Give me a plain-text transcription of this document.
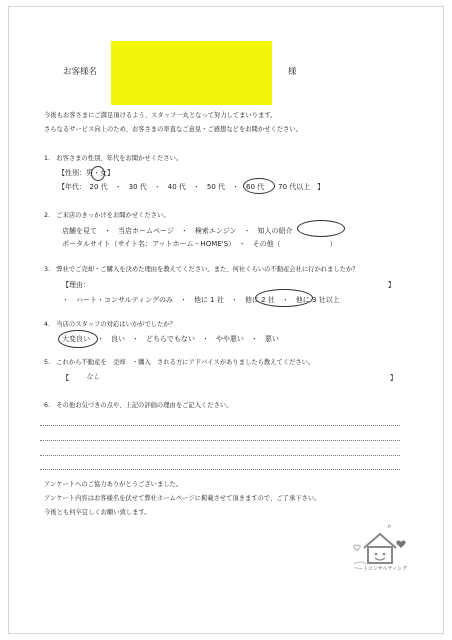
お客様名	様
今後もお客さまにご満足頂けるよう、スタッフ一丸となって努力してまいります。
さらなるサービス向上のため、お客さまの率直なご意見・ご感想などをお聞かせください。
1.　お客さまの性別、年代をお聞かせください。
【性別：男・女】
【年代：　20 代　・　30 代　・　40 代　・　50 代　・　60 代　・70 代以上　】
2.　ご来店のきっかけをお聞かせください。
店舗を見て　・　当店ホームページ　・　検索エンジン　・　知人の紹介
ポータルサイト（サイト名：アットホーム・HOME'S）　・　その他（　　　　　　　）
3.　弊社でご売却・ご購入を決めた理由を教えてください。また、何社くらいの不動産会社に行かれましたか？
【理由：	】
・　ハート・コンサルティングのみ　・　他に 1 社　・　他に 2 社　・　他に 3 社以上
4.　当店のスタッフの対応はいかがでしたか？
大変良い　・　良い　・　どちらでもない　・　やや悪い　・　悪い
5.　これから不動産を　売却　・購入　される方にアドバイスがありましたら教えてください。
【 なし	】
6.　その他お気づきの点や、上記の評価の理由をご記入ください。
アンケートへのご協力ありがとうございました。
アンケート内容はお客様名を伏せて弊社ホームページに掲載させて頂きますので、ご了承下さい。
今後とも何卒宜しくお願い致します。
ハートコンサルティング
